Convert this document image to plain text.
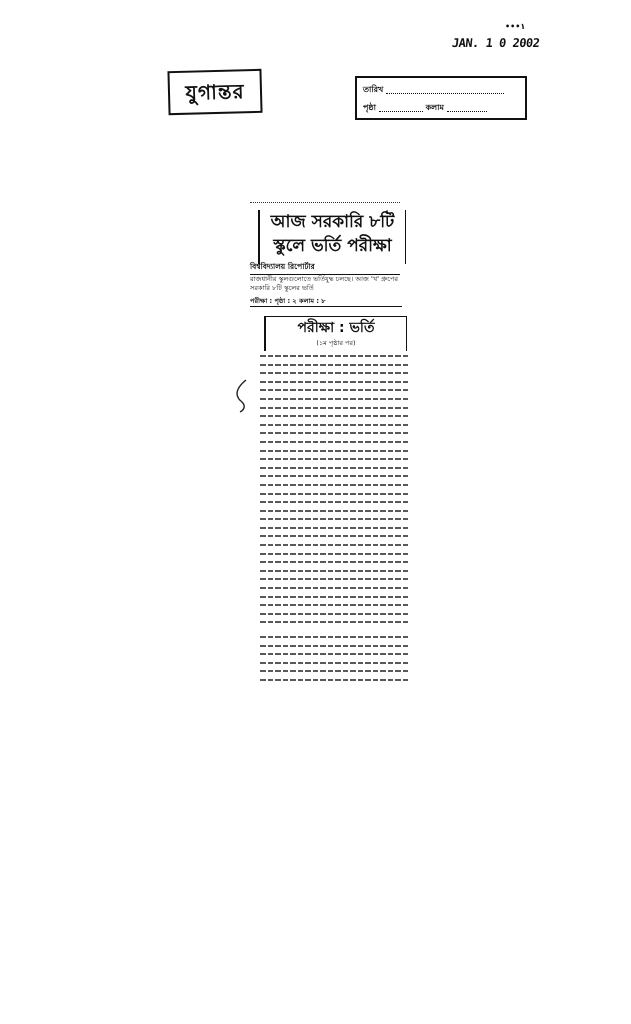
•••١
JAN. 1 0 2002
যুগান্তর	তারিখ
পৃষ্ঠা	কলাম
আজ সরকারি ৮টি
স্কুলে ভর্তি পরীক্ষা
বিশ্ববিদ্যালয় রিপোর্টার
রাজধানীর স্কুলগুলোতে ভর্তিযুদ্ধ চলছে। আজ 'খ' গ্রুপের সরকারি ৮টি স্কুলের ভর্তি
পরীক্ষা : পৃষ্ঠা : ২ কলাম : ৮
পরীক্ষা : ভর্তি
(১ম পৃষ্ঠার পর)
